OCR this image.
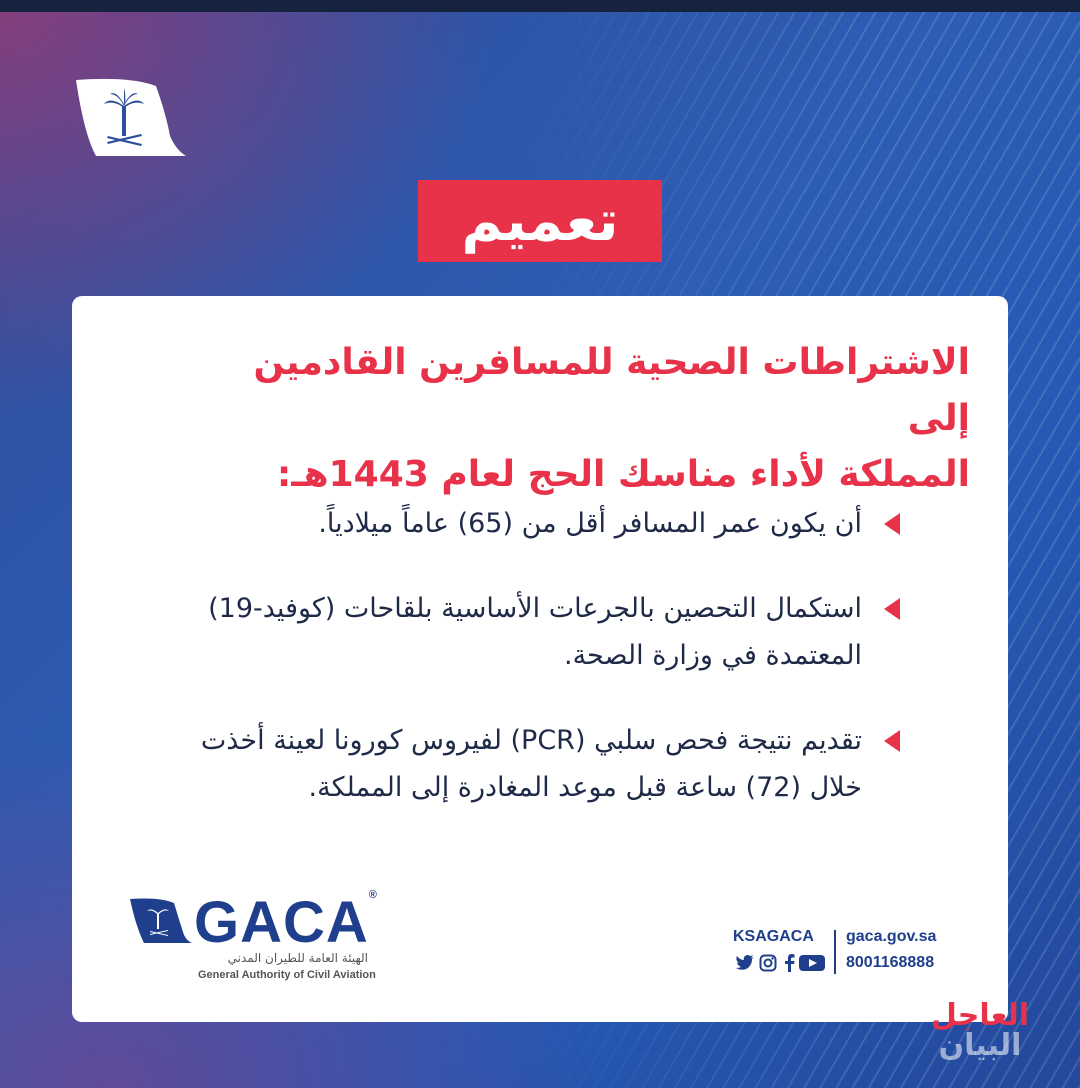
تعميم
الاشتراطات الصحية للمسافرين القادمين إلى
المملكة لأداء مناسك الحج لعام 1443هـ:
أن يكون عمر المسافر أقل من (65) عاماً ميلادياً.
استكمال التحصين بالجرعات الأساسية بلقاحات (كوفيد-19) المعتمدة في وزارة الصحة.
تقديم نتيجة فحص سلبي (PCR) لفيروس كورونا لعينة أخذت خلال (72) ساعة قبل موعد المغادرة إلى المملكة.
GACA®
الهيئة العامة للطيران المدني
General Authority of Civil Aviation
KSAGACA gaca.gov.sa
8001168888
العاجل
البيان
